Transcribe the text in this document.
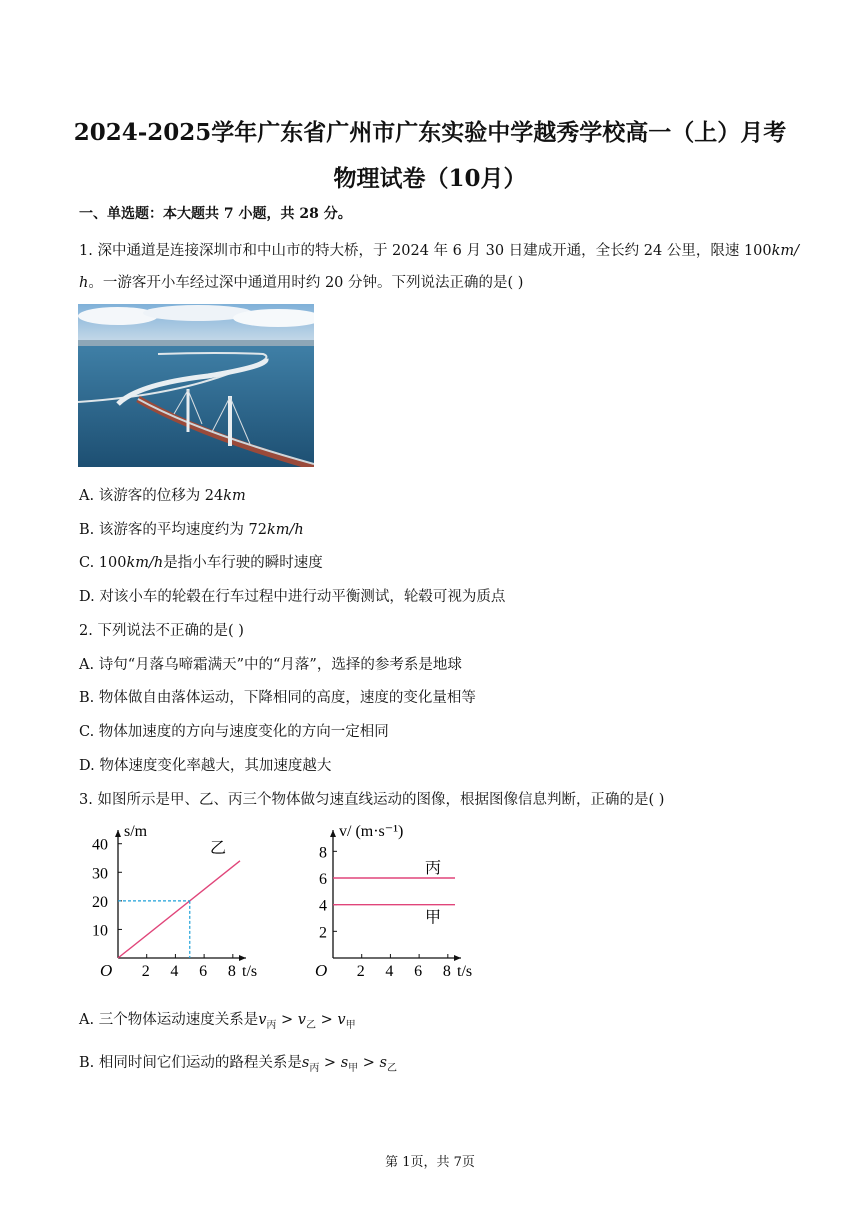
2024-2025学年广东省广州市广东实验中学越秀学校高一（上）月考
物理试卷（10月）
一、单选题：本大题共 7 小题，共 28 分。
1. 深中通道是连接深圳市和中山市的特大桥，于 2024 年 6 月 30 日建成开通，全长约 24 公里，限速 100km/
h。一游客开小车经过深中通道用时约 20 分钟。下列说法正确的是( )
A. 该游客的位移为 24km
B. 该游客的平均速度约为 72km/h
C. 100km/h是指小车行驶的瞬时速度
D. 对该小车的轮毂在行车过程中进行动平衡测试，轮毂可视为质点
2. 下列说法不正确的是( )
A. 诗句“月落乌啼霜满天”中的“月落”，选择的参考系是地球
B. 物体做自由落体运动，下降相同的高度，速度的变化量相等
C. 物体加速度的方向与速度变化的方向一定相同
D. 物体速度变化率越大，其加速度越大
3. 如图所示是甲、乙、丙三个物体做匀速直线运动的图像，根据图像信息判断，正确的是( )
O	t/s
s/m
2 4 6 8
10
20
30
40	乙
O	t/s
v/ (m·s⁻¹)
2 4 6 8
2
4
6
8
丙
甲
A. 三个物体运动速度关系是$v_丙 > v_乙 > v_甲$
B. 相同时间它们运动的路程关系是$s_丙 > s_甲 > s_乙$
第 1页，共 7页
